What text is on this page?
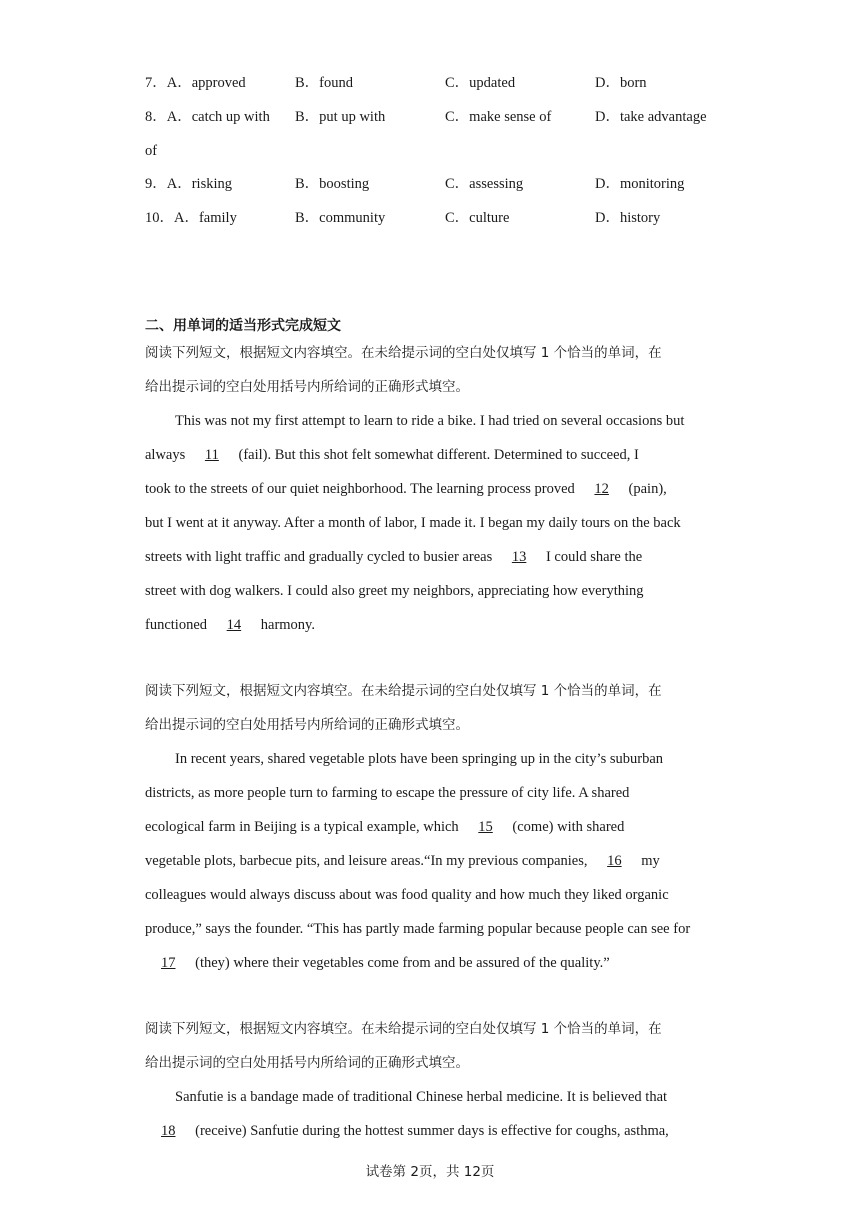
7．A．approved	B．found	C．updated	D．born
8．A．catch up with B．put up with	C．make sense of	D．take advantage
of
9．A．risking	B．boosting	C．assessing	D．monitoring
10．A．family	B．community	C．culture	D．history
二、用单词的适当形式完成短文
阅读下列短文，根据短文内容填空。在未给提示词的空白处仅填写 1 个恰当的单词，在
给出提示词的空白处用括号内所给词的正确形式填空。
This was not my first attempt to learn to ride a bike. I had tried on several occasions but
always 11 (fail). But this shot felt somewhat different. Determined to succeed, I
took to the streets of our quiet neighborhood. The learning process proved 12 (pain),
but I went at it anyway. After a month of labor, I made it. I began my daily tours on the back
streets with light traffic and gradually cycled to busier areas 13 I could share the
street with dog walkers. I could also greet my neighbors, appreciating how everything
functioned 14 harmony.
阅读下列短文，根据短文内容填空。在未给提示词的空白处仅填写 1 个恰当的单词，在
给出提示词的空白处用括号内所给词的正确形式填空。
In recent years, shared vegetable plots have been springing up in the city’s suburban
districts, as more people turn to farming to escape the pressure of city life. A shared
ecological farm in Beijing is a typical example, which 15 (come) with shared
vegetable plots, barbecue pits, and leisure areas.“In my previous companies, 16 my
colleagues would always discuss about was food quality and how much they liked organic
produce,” says the founder. “This has partly made farming popular because people can see for
17 (they) where their vegetables come from and be assured of the quality.”
阅读下列短文，根据短文内容填空。在未给提示词的空白处仅填写 1 个恰当的单词，在
给出提示词的空白处用括号内所给词的正确形式填空。
Sanfutie is a bandage made of traditional Chinese herbal medicine. It is believed that
18 (receive) Sanfutie during the hottest summer days is effective for coughs, asthma,
试卷第 2页，共 12页
